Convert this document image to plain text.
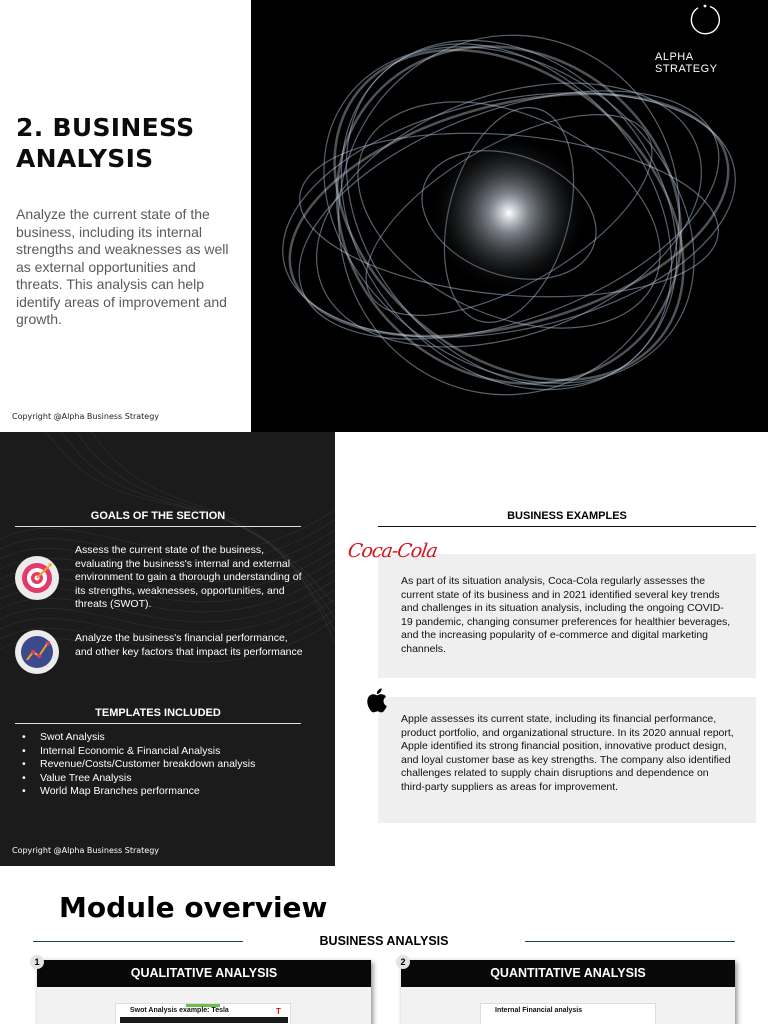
2. BUSINESS ANALYSIS

Analyze the current state of the business, including its internal strengths and weaknesses as well as external opportunities and threats. This analysis can help identify areas of improvement and growth.

Copyright @Alpha Business Strategy
ALPHA STRATEGY
GOALS OF THE SECTION
Assess the current state of the business, evaluating the business's internal and external environment to gain a thorough understanding of its strengths, weaknesses, opportunities, and threats (SWOT).
Analyze the business's financial performance, and other key factors that impact its performance
TEMPLATES INCLUDED
• Swot Analysis
• Internal Economic & Financial Analysis
• Revenue/Costs/Customer breakdown analysis
• Value Tree Analysis
• World Map Branches performance
Copyright @Alpha Business Strategy
BUSINESS EXAMPLES
Coca-Cola
As part of its situation analysis, Coca-Cola regularly assesses the current state of its business and in 2021 identified several key trends and challenges in its situation analysis, including the ongoing COVID-19 pandemic, changing consumer preferences for healthier beverages, and the increasing popularity of e-commerce and digital marketing channels.
Apple assesses its current state, including its financial performance, product portfolio, and organizational structure. In its 2020 annual report, Apple identified its strong financial position, innovative product design, and loyal customer base as key strengths. The company also identified challenges related to supply chain disruptions and dependence on third-party suppliers as areas for improvement.
Module overview
BUSINESS ANALYSIS
QUALITATIVE ANALYSIS
Swot Analysis example: Tesla	T
1
QUANTITATIVE ANALYSIS
Internal Financial analysis
2
